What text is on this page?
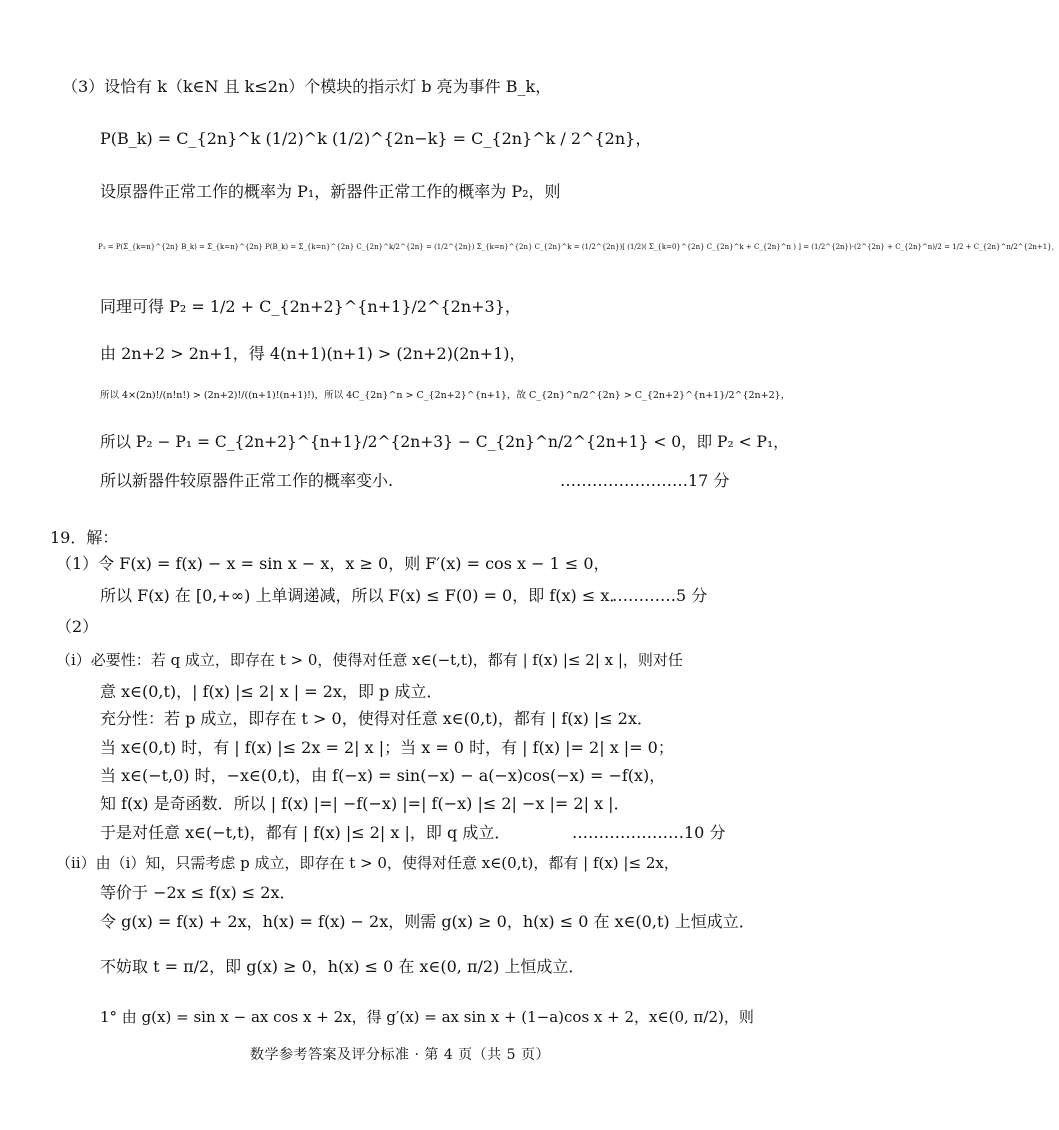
（3）设恰有 k（k∈N 且 k≤2n）个模块的指示灯 b 亮为事件 B_k，
P(B_k) = C_{2n}^k (1/2)^k (1/2)^{2n−k} = C_{2n}^k / 2^{2n}，
设原器件正常工作的概率为 P₁，新器件正常工作的概率为 P₂，则
P₁ = P(Σ_{k=n}^{2n} B_k) = Σ_{k=n}^{2n} P(B_k) = Σ_{k=n}^{2n} C_{2n}^k/2^{2n} = (1/2^{2n}) Σ_{k=n}^{2n} C_{2n}^k = (1/2^{2n})[ (1/2)( Σ_{k=0}^{2n} C_{2n}^k + C_{2n}^n ) ] = (1/2^{2n})·(2^{2n} + C_{2n}^n)/2 = 1/2 + C_{2n}^n/2^{2n+1}，
同理可得 P₂ = 1/2 + C_{2n+2}^{n+1}/2^{2n+3}，
由 2n+2 > 2n+1，得 4(n+1)(n+1) > (2n+2)(2n+1)，
所以 4×(2n)!/(n!n!) > (2n+2)!/((n+1)!(n+1)!)，所以 4C_{2n}^n > C_{2n+2}^{n+1}，故 C_{2n}^n/2^{2n} > C_{2n+2}^{n+1}/2^{2n+2}，
所以 P₂ − P₁ = C_{2n+2}^{n+1}/2^{2n+3} − C_{2n}^n/2^{2n+1} < 0，即 P₂ < P₁，
所以新器件较原器件正常工作的概率变小.	……………………17 分
19．解：
（1）令 F(x) = f(x) − x = sin x − x，x ≥ 0，则 F′(x) = cos x − 1 ≤ 0，
所以 F(x) 在 [0,+∞) 上单调递减，所以 F(x) ≤ F(0) = 0，即 f(x) ≤ x．
…………5 分
（2）
（ⅰ）必要性：若 q 成立，即存在 t > 0，使得对任意 x∈(−t,t)，都有 | f(x) |≤ 2| x |，则对任
意 x∈(0,t)，| f(x) |≤ 2| x | = 2x，即 p 成立．
充分性：若 p 成立，即存在 t > 0，使得对任意 x∈(0,t)，都有 | f(x) |≤ 2x．
当 x∈(0,t) 时，有 | f(x) |≤ 2x = 2| x |；当 x = 0 时，有 | f(x) |= 2| x |= 0；
当 x∈(−t,0) 时，−x∈(0,t)，由 f(−x) = sin(−x) − a(−x)cos(−x) = −f(x)，
知 f(x) 是奇函数．所以 | f(x) |=| −f(−x) |=| f(−x) |≤ 2| −x |= 2| x |．
于是对任意 x∈(−t,t)，都有 | f(x) |≤ 2| x |，即 q 成立．	…………………10 分
（ⅱ）由（ⅰ）知，只需考虑 p 成立，即存在 t > 0，使得对任意 x∈(0,t)，都有 | f(x) |≤ 2x，
等价于 −2x ≤ f(x) ≤ 2x．
令 g(x) = f(x) + 2x，h(x) = f(x) − 2x，则需 g(x) ≥ 0，h(x) ≤ 0 在 x∈(0,t) 上恒成立．
不妨取 t = π/2，即 g(x) ≥ 0，h(x) ≤ 0 在 x∈(0, π/2) 上恒成立．
1° 由 g(x) = sin x − ax cos x + 2x，得 g′(x) = ax sin x + (1−a)cos x + 2，x∈(0, π/2)，则
数学参考答案及评分标准 · 第 4 页（共 5 页）
